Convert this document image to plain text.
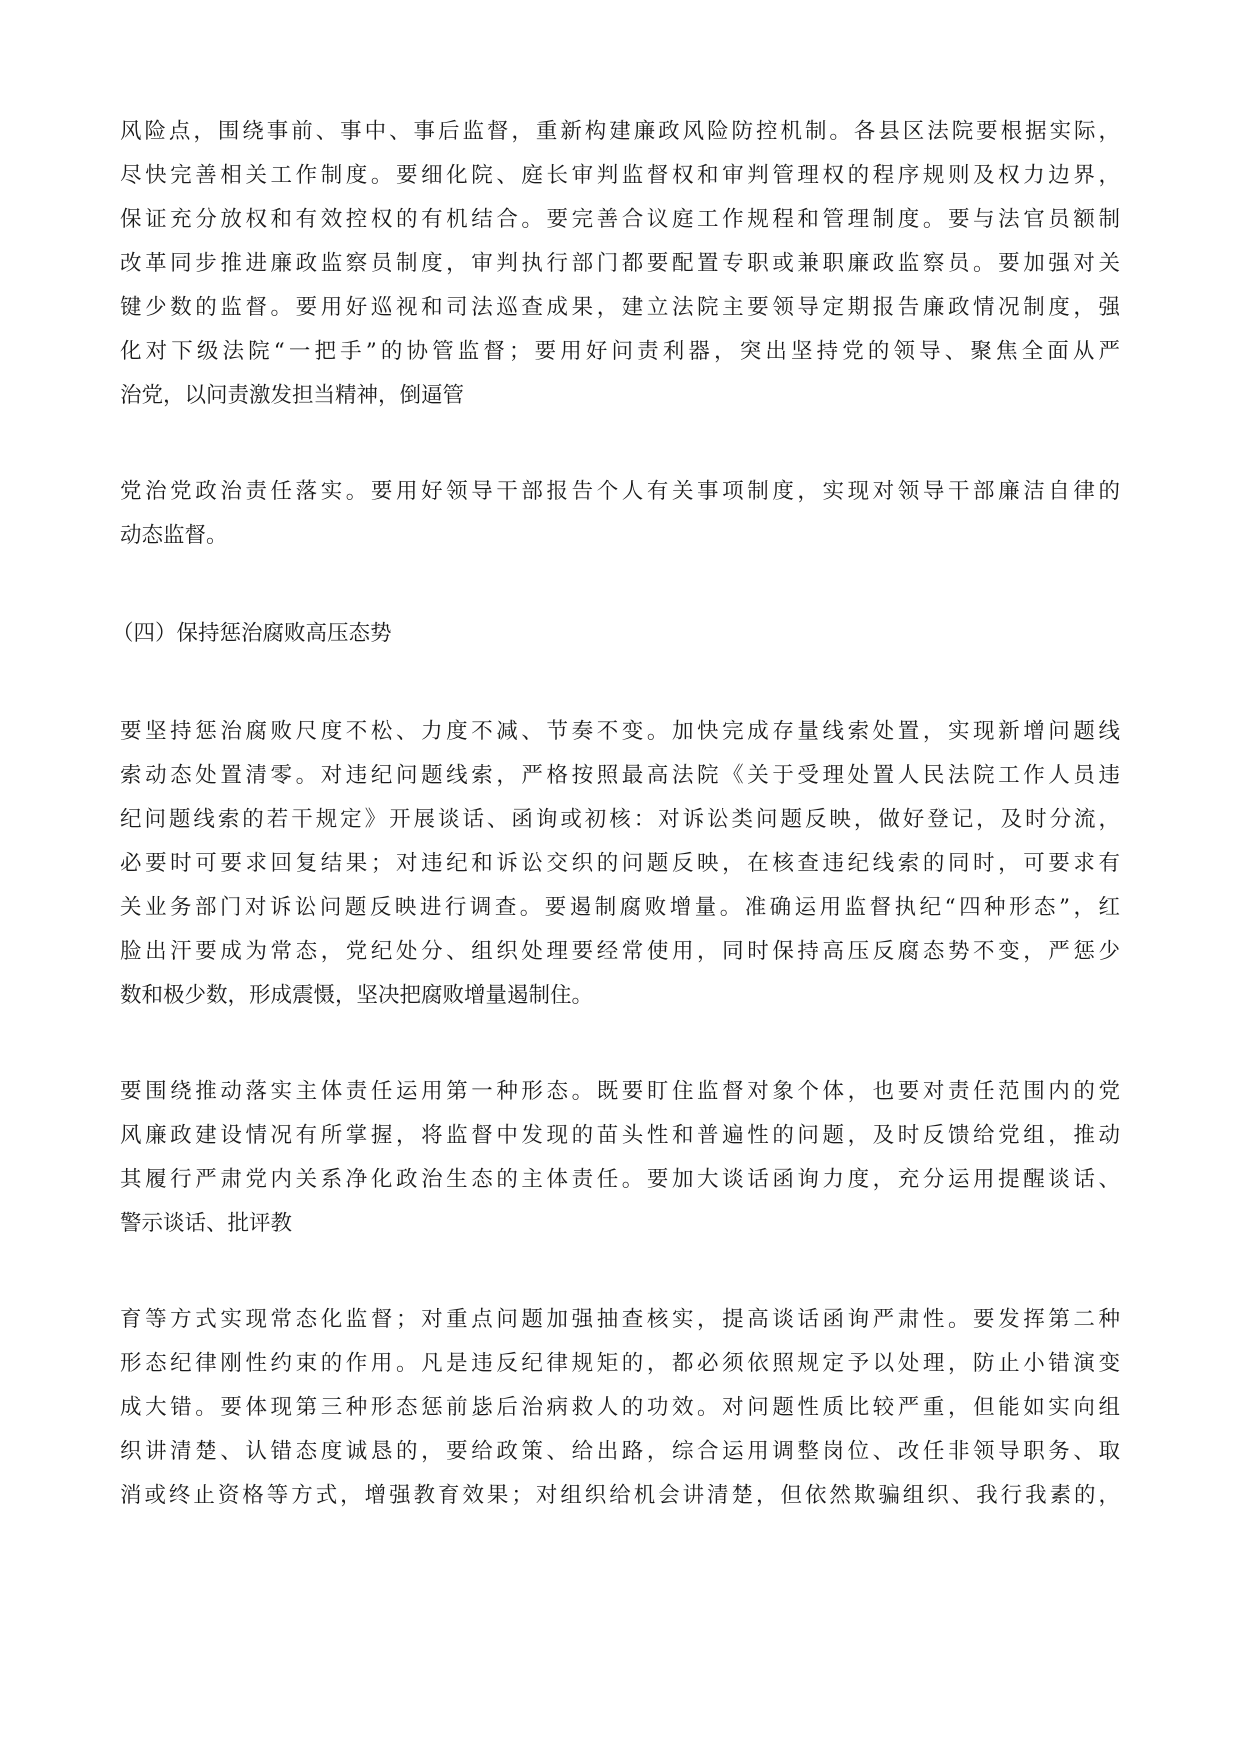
风险点，围绕事前、事中、事后监督，重新构建廉政风险防控机制。各县区法院要根据实际，
尽快完善相关工作制度。要细化院、庭长审判监督权和审判管理权的程序规则及权力边界，
保证充分放权和有效控权的有机结合。要完善合议庭工作规程和管理制度。要与法官员额制
改革同步推进廉政监察员制度，审判执行部门都要配置专职或兼职廉政监察员。要加强对关
键少数的监督。要用好巡视和司法巡查成果，建立法院主要领导定期报告廉政情况制度，强
化对下级法院“一把手”的协管监督；要用好问责利器，突出坚持党的领导、聚焦全面从严
治党，以问责激发担当精神，倒逼管
党治党政治责任落实。要用好领导干部报告个人有关事项制度，实现对领导干部廉洁自律的
动态监督。
（四）保持惩治腐败高压态势
要坚持惩治腐败尺度不松、力度不减、节奏不变。加快完成存量线索处置，实现新增问题线
索动态处置清零。对违纪问题线索，严格按照最高法院《关于受理处置人民法院工作人员违
纪问题线索的若干规定》开展谈话、函询或初核：对诉讼类问题反映，做好登记，及时分流，
必要时可要求回复结果；对违纪和诉讼交织的问题反映，在核查违纪线索的同时，可要求有
关业务部门对诉讼问题反映进行调查。要遏制腐败增量。准确运用监督执纪“四种形态”，红
脸出汗要成为常态，党纪处分、组织处理要经常使用，同时保持高压反腐态势不变，严惩少
数和极少数，形成震慑，坚决把腐败增量遏制住。
要围绕推动落实主体责任运用第一种形态。既要盯住监督对象个体，也要对责任范围内的党
风廉政建设情况有所掌握，将监督中发现的苗头性和普遍性的问题，及时反馈给党组，推动
其履行严肃党内关系净化政治生态的主体责任。要加大谈话函询力度，充分运用提醒谈话、
警示谈话、批评教
育等方式实现常态化监督；对重点问题加强抽查核实，提高谈话函询严肃性。要发挥第二种
形态纪律刚性约束的作用。凡是违反纪律规矩的，都必须依照规定予以处理，防止小错演变
成大错。要体现第三种形态惩前毖后治病救人的功效。对问题性质比较严重，但能如实向组
织讲清楚、认错态度诚恳的，要给政策、给出路，综合运用调整岗位、改任非领导职务、取
消或终止资格等方式，增强教育效果；对组织给机会讲清楚，但依然欺骗组织、我行我素的，
